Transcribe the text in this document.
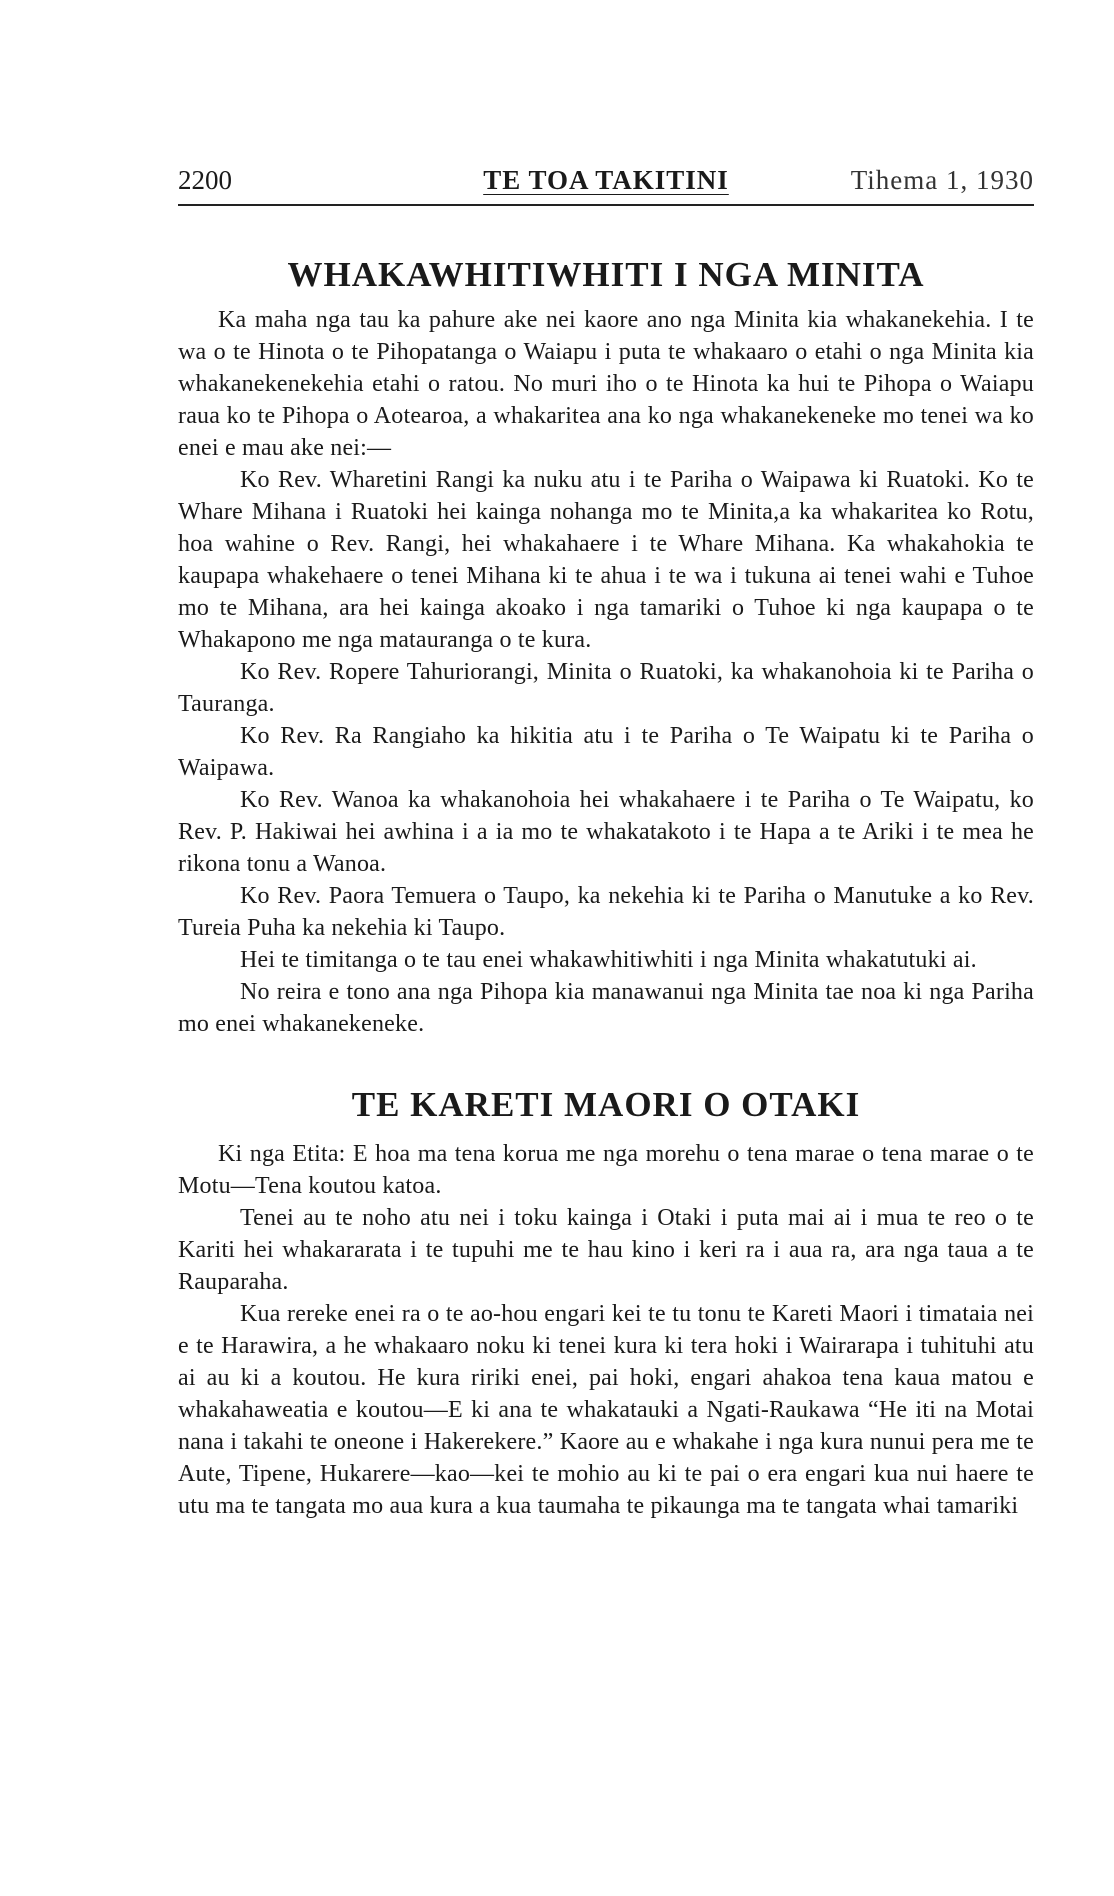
2200	TE TOA TAKITINI	Tihema 1, 1930
WHAKAWHITIWHITI I NGA MINITA

Ka maha nga tau ka pahure ake nei kaore ano nga Minita kia whakanekehia. I te wa o te Hinota o te Pihopatanga o Waiapu i puta te whakaaro o etahi o nga Minita kia whakanekenekehia etahi o ratou. No muri iho o te Hinota ka hui te Pihopa o Waiapu raua ko te Pihopa o Aotearoa, a whakaritea ana ko nga whakanekeneke mo tenei wa ko enei e mau ake nei:—

Ko Rev. Wharetini Rangi ka nuku atu i te Pariha o Waipawa ki Ruatoki. Ko te Whare Mihana i Ruatoki hei kainga nohanga mo te Minita,a ka whakaritea ko Rotu, hoa wahine o Rev. Rangi, hei whakahaere i te Whare Mihana. Ka whakahokia te kaupapa whakehaere o tenei Mihana ki te ahua i te wa i tukuna ai tenei wahi e Tuhoe mo te Mihana, ara hei kainga akoako i nga tamariki o Tuhoe ki nga kaupapa o te Whakapono me nga matauranga o te kura.

Ko Rev. Ropere Tahuriorangi, Minita o Ruatoki, ka whakanohoia ki te Pariha o Tauranga.

Ko Rev. Ra Rangiaho ka hikitia atu i te Pariha o Te Waipatu ki te Pariha o Waipawa.

Ko Rev. Wanoa ka whakanohoia hei whakahaere i te Pariha o Te Waipatu, ko Rev. P. Hakiwai hei awhina i a ia mo te whakatakoto i te Hapa a te Ariki i te mea he rikona tonu a Wanoa.

Ko Rev. Paora Temuera o Taupo, ka nekehia ki te Pariha o Manutuke a ko Rev. Tureia Puha ka nekehia ki Taupo.

Hei te timitanga o te tau enei whakawhitiwhiti i nga Minita whakatutuki ai.

No reira e tono ana nga Pihopa kia manawanui nga Minita tae noa ki nga Pariha mo enei whakanekeneke.

TE KARETI MAORI O OTAKI

Ki nga Etita: E hoa ma tena korua me nga morehu o tena marae o tena marae o te Motu—Tena koutou katoa.

Tenei au te noho atu nei i toku kainga i Otaki i puta mai ai i mua te reo o te Kariti hei whakararata i te tupuhi me te hau kino i keri ra i aua ra, ara nga taua a te Rauparaha.

Kua rereke enei ra o te ao-hou engari kei te tu tonu te Kareti Maori i timataia nei e te Harawira, a he whakaaro noku ki tenei kura ki tera hoki i Wairarapa i tuhituhi atu ai au ki a koutou. He kura ririki enei, pai hoki, engari ahakoa tena kaua matou e whakahaweatia e koutou—E ki ana te whakatauki a Ngati-Raukawa “He iti na Motai nana i takahi te oneone i Hakerekere.” Kaore au e whakahe i nga kura nunui pera me te Aute, Tipene, Hukarere—kao—kei te mohio au ki te pai o era engari kua nui haere te utu ma te tangata mo aua kura a kua taumaha te pikaunga ma te tangata whai tamariki
